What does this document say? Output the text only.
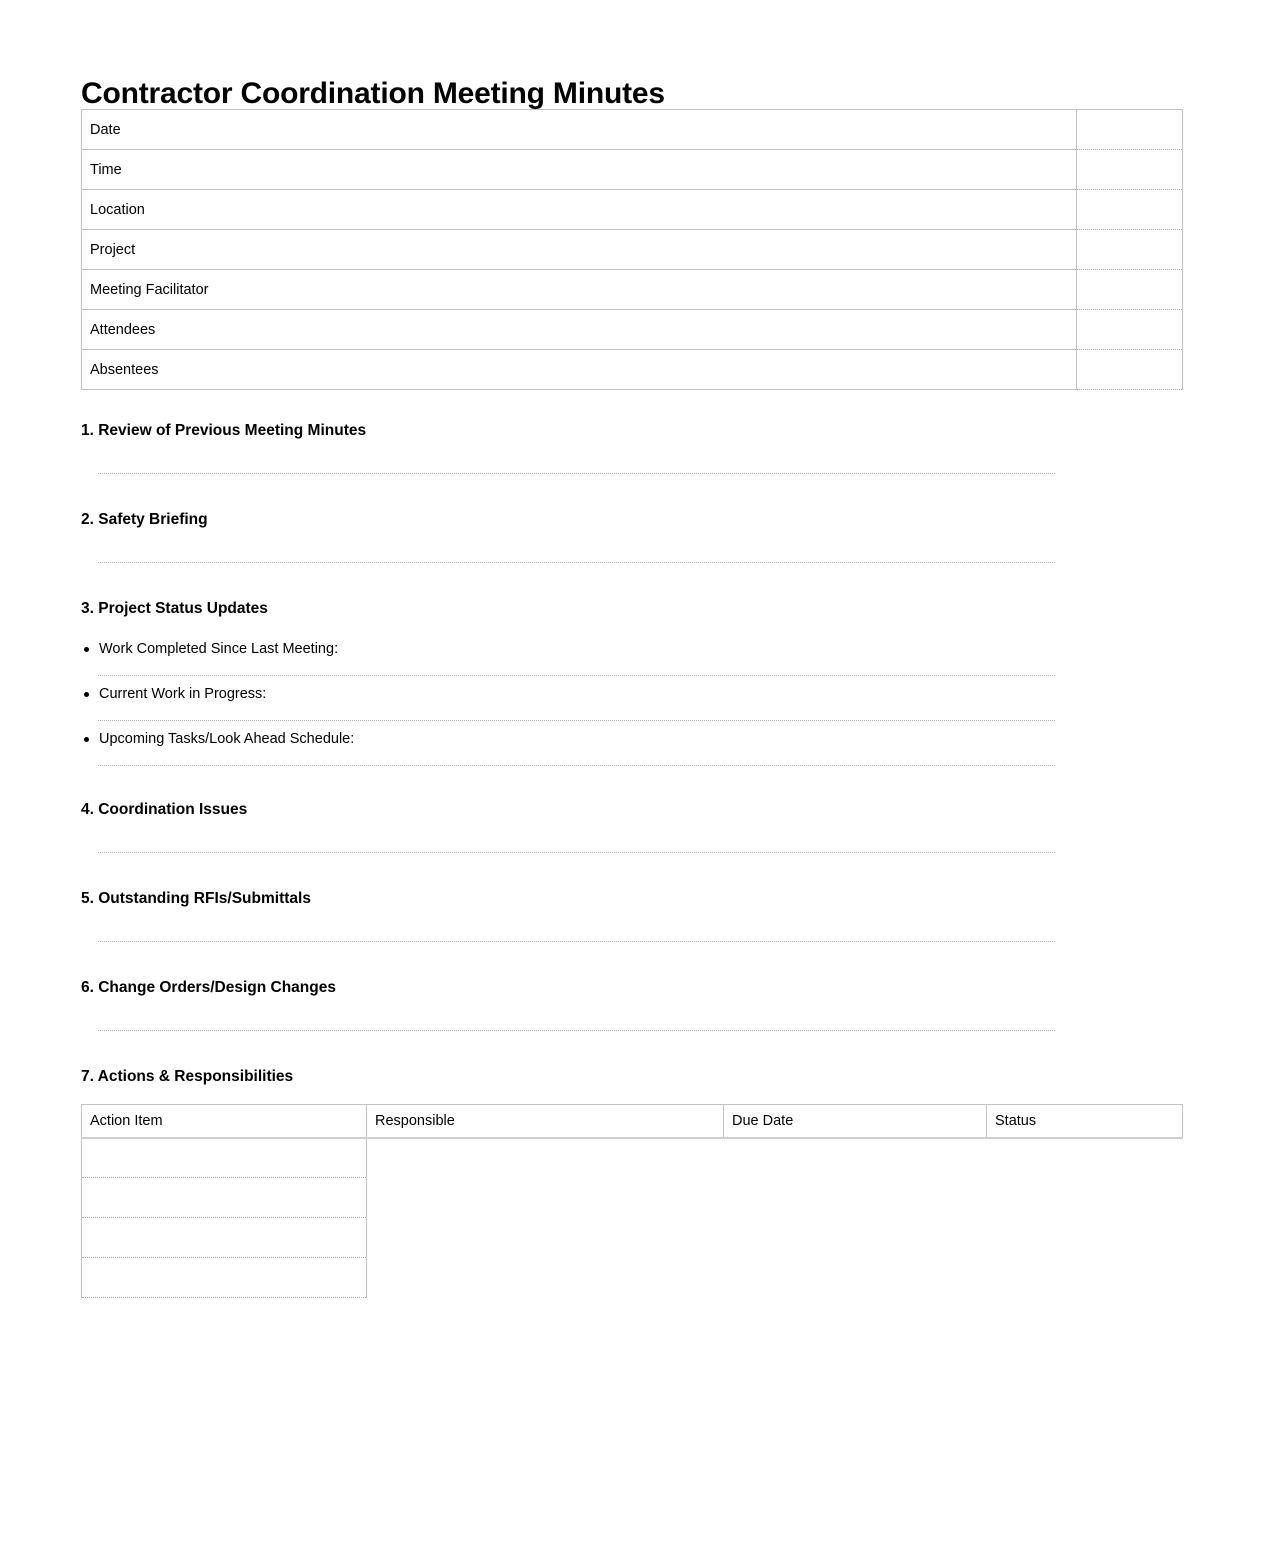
Contractor Coordination Meeting Minutes
Date	
Time	
Location	
Project	
Meeting Facilitator	
Attendees	
Absentees	
1. Review of Previous Meeting Minutes
2. Safety Briefing
3. Project Status Updates
Work Completed Since Last Meeting:
Current Work in Progress:
Upcoming Tasks/Look Ahead Schedule:
4. Coordination Issues
5. Outstanding RFIs/Submittals
6. Change Orders/Design Changes
7. Actions & Responsibilities
Action Item	Responsible	Due Date	Status
